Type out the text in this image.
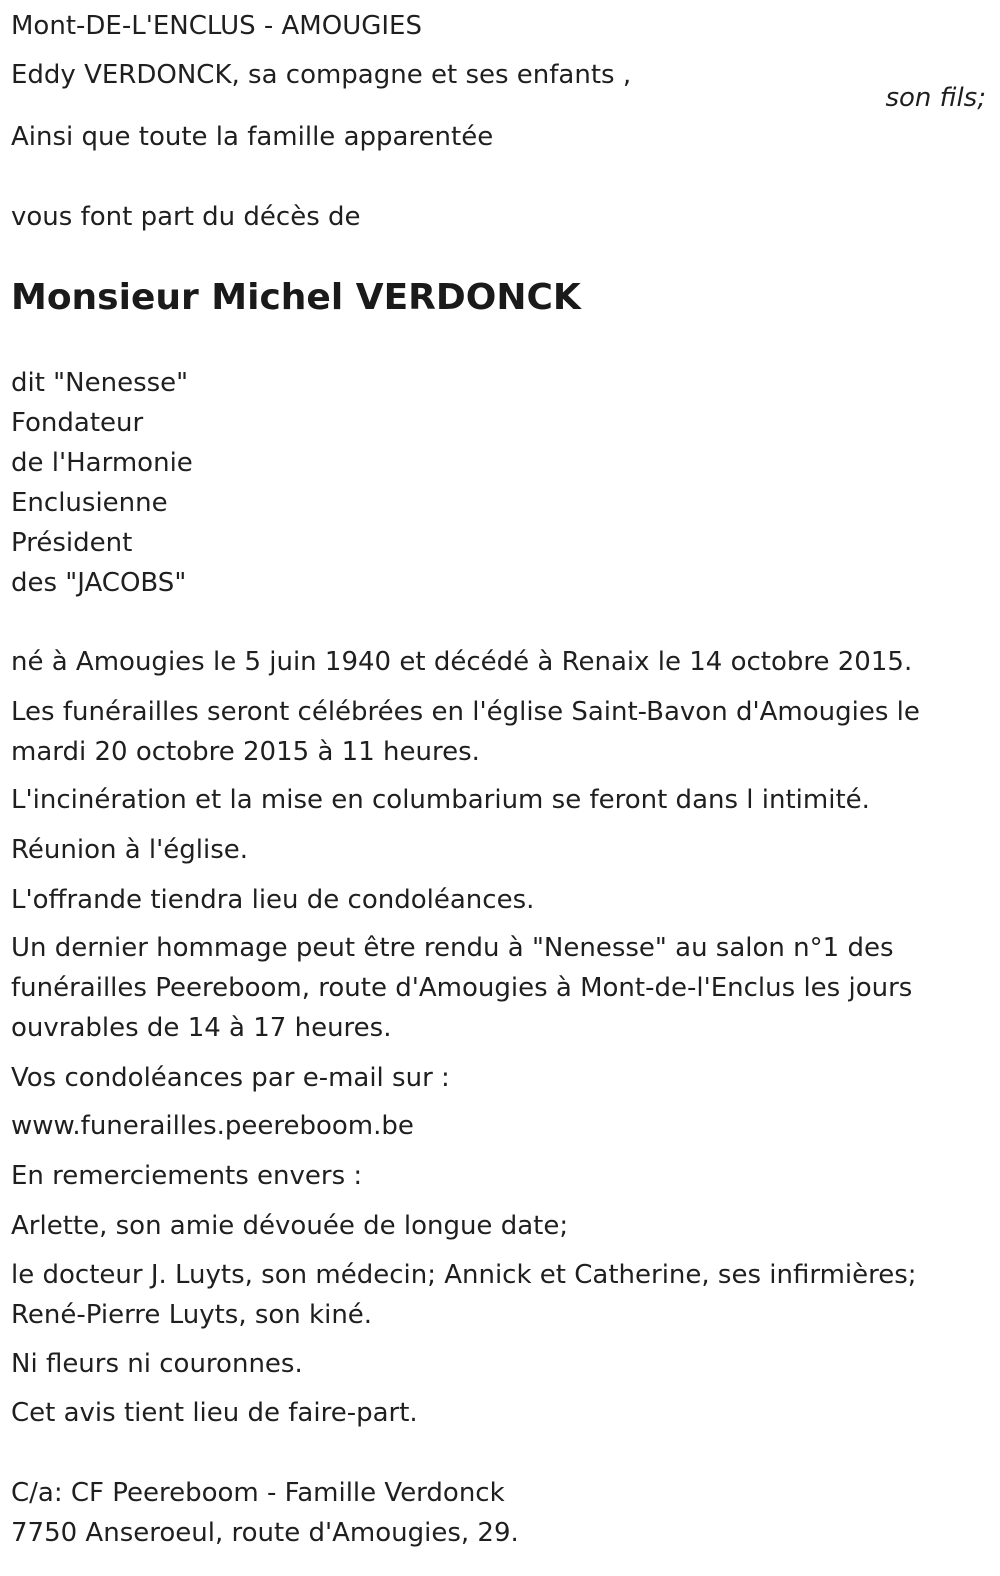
Mont-DE-L'ENCLUS - AMOUGIES
Eddy VERDONCK, sa compagne et ses enfants ,
son fils;
Ainsi que toute la famille apparentée
vous font part du décès de
Monsieur Michel VERDONCK
dit "Nenesse"
Fondateur
de l'Harmonie
Enclusienne
Président
des "JACOBS"
né à Amougies le 5 juin 1940 et décédé à Renaix le 14 octobre 2015.
Les funérailles seront célébrées en l'église Saint-Bavon d'Amougies le
mardi 20 octobre 2015 à 11 heures.
L'incinération et la mise en columbarium se feront dans l intimité.
Réunion à l'église.
L'offrande tiendra lieu de condoléances.
Un dernier hommage peut être rendu à "Nenesse" au salon n°1 des
funérailles Peereboom, route d'Amougies à Mont-de-l'Enclus les jours
ouvrables de 14 à 17 heures.
Vos condoléances par e-mail sur :
www.funerailles.peereboom.be
En remerciements envers :
Arlette, son amie dévouée de longue date;
le docteur J. Luyts, son médecin; Annick et Catherine, ses infirmières;
René-Pierre Luyts, son kiné.
Ni fleurs ni couronnes.
Cet avis tient lieu de faire-part.
C/a: CF Peereboom - Famille Verdonck
7750 Anseroeul, route d'Amougies, 29.
